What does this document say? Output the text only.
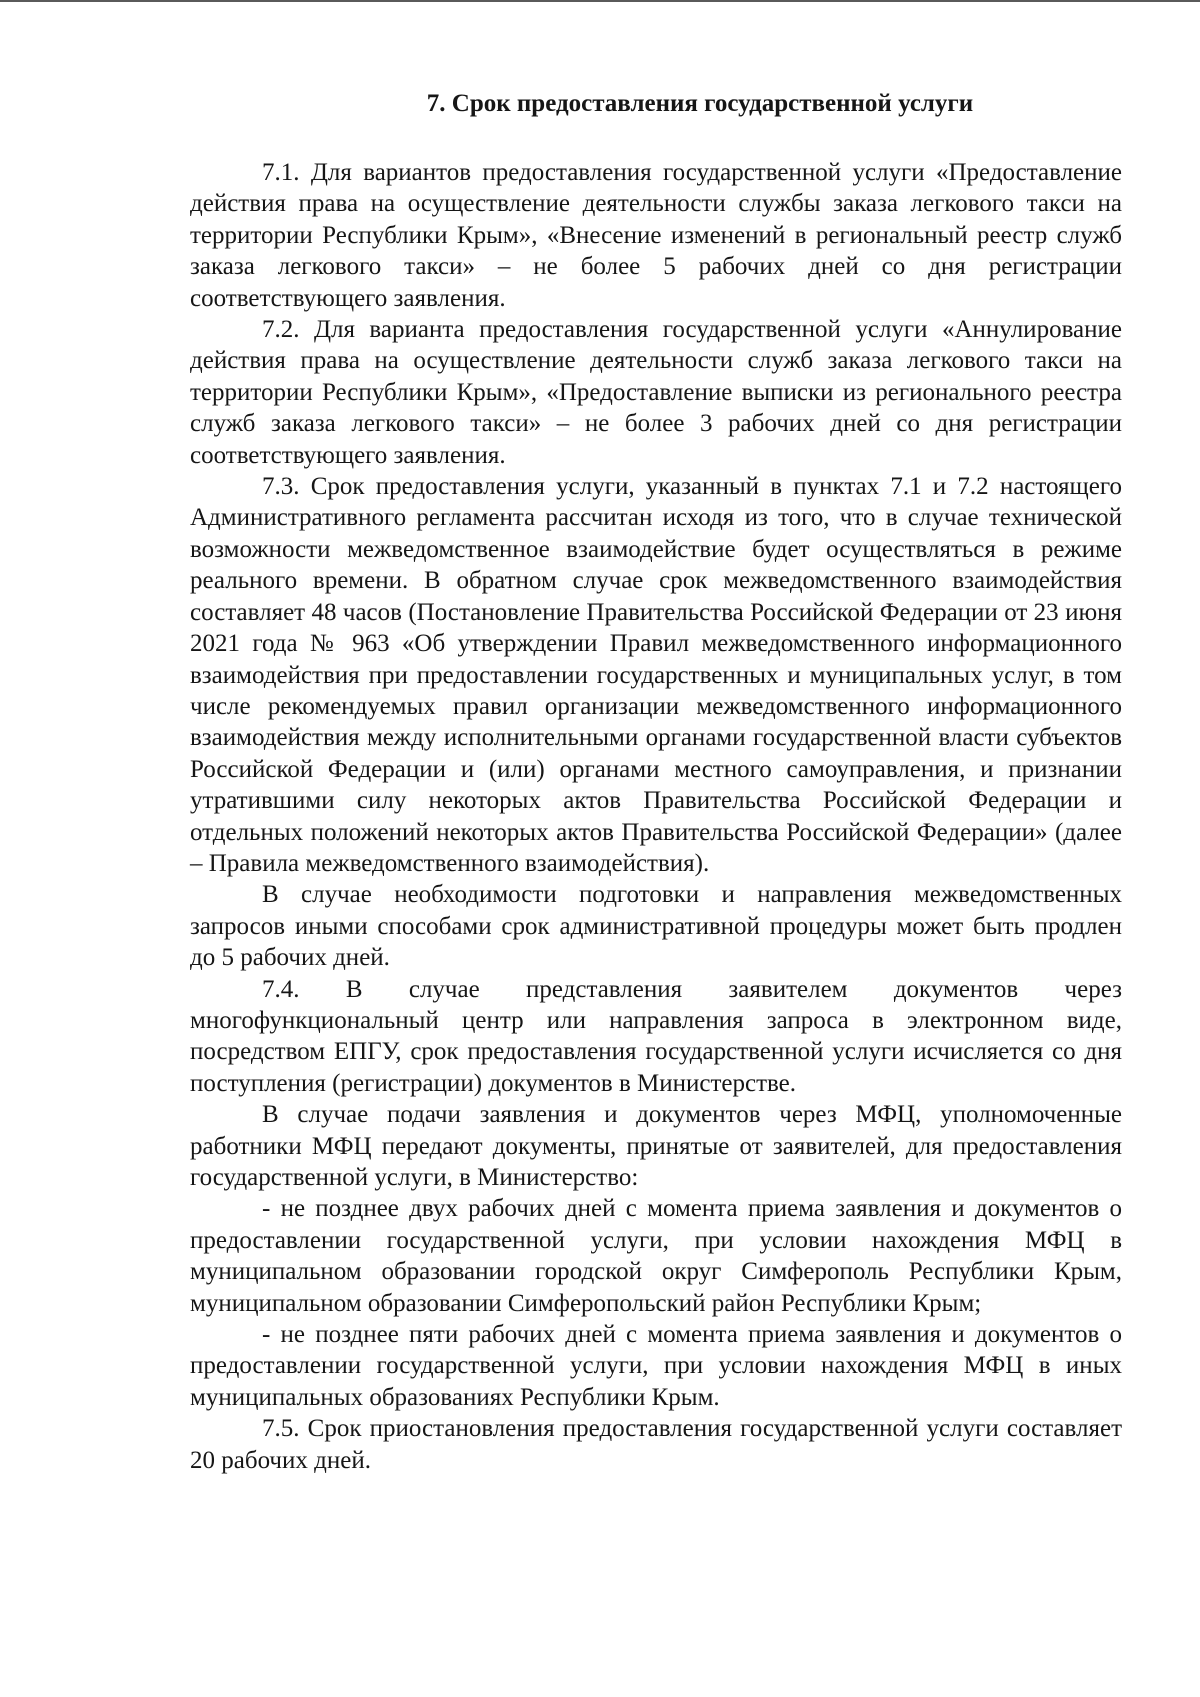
7. Срок предоставления государственной услуги

7.1. Для вариантов предоставления государственной услуги «Предоставление действия права на осуществление деятельности службы заказа легкового такси на территории Республики Крым», «Внесение изменений в региональный реестр служб заказа легкового такси» – не более 5 рабочих дней со дня регистрации соответствующего заявления.

7.2. Для варианта предоставления государственной услуги «Аннулирование действия права на осуществление деятельности служб заказа легкового такси на территории Республики Крым», «Предоставление выписки из регионального реестра служб заказа легкового такси» – не более 3 рабочих дней со дня регистрации соответствующего заявления.

7.3. Срок предоставления услуги, указанный в пунктах 7.1 и 7.2 настоящего Административного регламента рассчитан исходя из того, что в случае технической возможности межведомственное взаимодействие будет осуществляться в режиме реального времени. В обратном случае срок межведомственного взаимодействия составляет 48 часов (Постановление Правительства Российской Федерации от 23 июня 2021 года № 963 «Об утверждении Правил межведомственного информационного взаимодействия при предоставлении государственных и муниципальных услуг, в том числе рекомендуемых правил организации межведомственного информационного взаимодействия между исполнительными органами государственной власти субъектов Российской Федерации и (или) органами местного самоуправления, и признании утратившими силу некоторых актов Правительства Российской Федерации и отдельных положений некоторых актов Правительства Российской Федерации» (далее – Правила межведомственного взаимодействия).

В случае необходимости подготовки и направления межведомственных запросов иными способами срок административной процедуры может быть продлен до 5 рабочих дней.

7.4. В случае представления заявителем документов через многофункциональный центр или направления запроса в электронном виде, посредством ЕПГУ, срок предоставления государственной услуги исчисляется со дня поступления (регистрации) документов в Министерстве.

В случае подачи заявления и документов через МФЦ, уполномоченные работники МФЦ передают документы, принятые от заявителей, для предоставления государственной услуги, в Министерство:

- не позднее двух рабочих дней с момента приема заявления и документов о предоставлении государственной услуги, при условии нахождения МФЦ в муниципальном образовании городской округ Симферополь Республики Крым, муниципальном образовании Симферопольский район Республики Крым;

- не позднее пяти рабочих дней с момента приема заявления и документов о предоставлении государственной услуги, при условии нахождения МФЦ в иных муниципальных образованиях Республики Крым.

7.5. Срок приостановления предоставления государственной услуги составляет 20 рабочих дней.
